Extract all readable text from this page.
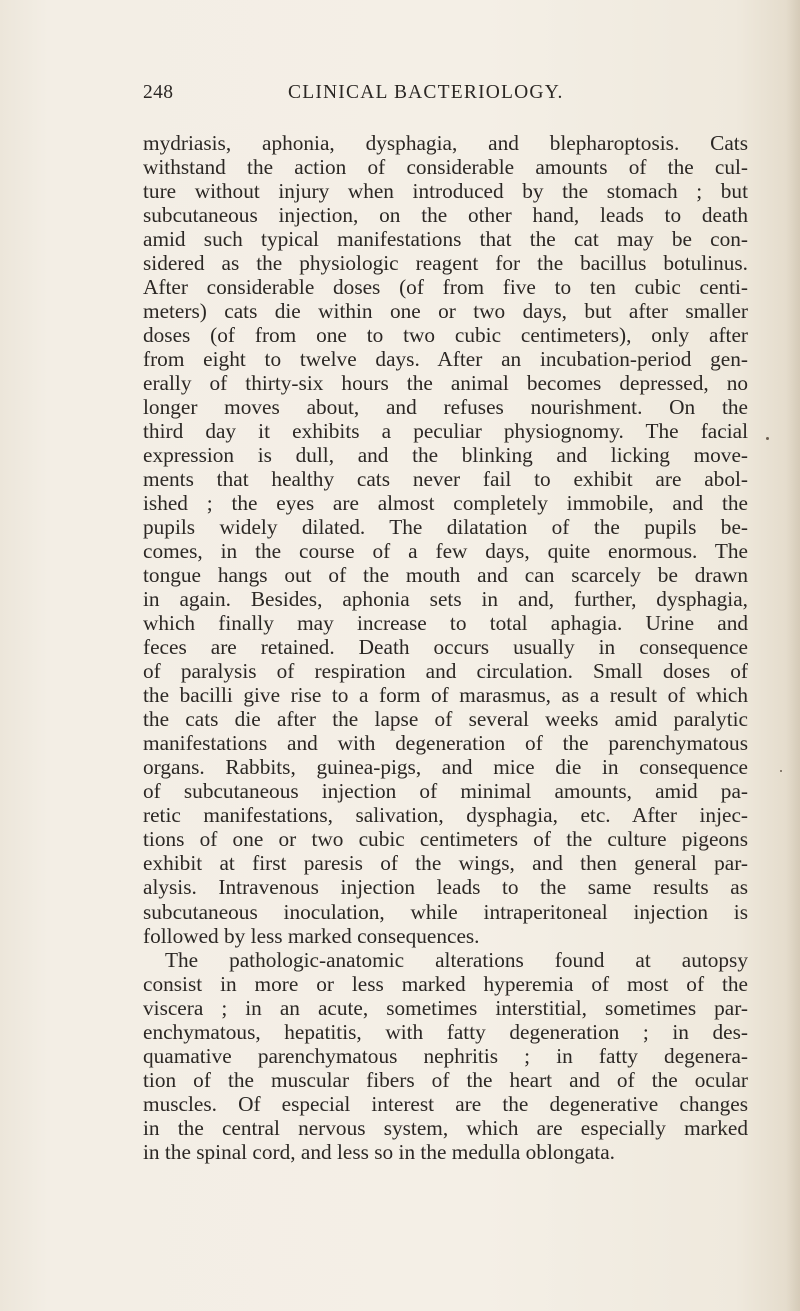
248	CLINICAL BACTERIOLOGY.
mydriasis, aphonia, dysphagia, and blepharoptosis. Cats
withstand the action of considerable amounts of the cul-
ture without injury when introduced by the stomach ; but
subcutaneous injection, on the other hand, leads to death
amid such typical manifestations that the cat may be con-
sidered as the physiologic reagent for the bacillus botulinus.
After considerable doses (of from five to ten cubic centi-
meters) cats die within one or two days, but after smaller
doses (of from one to two cubic centimeters), only after
from eight to twelve days. After an incubation-period gen-
erally of thirty-six hours the animal becomes depressed, no
longer moves about, and refuses nourishment. On the
third day it exhibits a peculiar physiognomy. The facial
expression is dull, and the blinking and licking move-
ments that healthy cats never fail to exhibit are abol-
ished ; the eyes are almost completely immobile, and the
pupils widely dilated. The dilatation of the pupils be-
comes, in the course of a few days, quite enormous. The
tongue hangs out of the mouth and can scarcely be drawn
in again. Besides, aphonia sets in and, further, dysphagia,
which finally may increase to total aphagia. Urine and
feces are retained. Death occurs usually in consequence
of paralysis of respiration and circulation. Small doses of
the bacilli give rise to a form of marasmus, as a result of which
the cats die after the lapse of several weeks amid paralytic
manifestations and with degeneration of the parenchymatous
organs. Rabbits, guinea-pigs, and mice die in consequence
of subcutaneous injection of minimal amounts, amid pa-
retic manifestations, salivation, dysphagia, etc. After injec-
tions of one or two cubic centimeters of the culture pigeons
exhibit at first paresis of the wings, and then general par-
alysis. Intravenous injection leads to the same results as
subcutaneous inoculation, while intraperitoneal injection is
followed by less marked consequences.
The pathologic-anatomic alterations found at autopsy
consist in more or less marked hyperemia of most of the
viscera ; in an acute, sometimes interstitial, sometimes par-
enchymatous, hepatitis, with fatty degeneration ; in des-
quamative parenchymatous nephritis ; in fatty degenera-
tion of the muscular fibers of the heart and of the ocular
muscles. Of especial interest are the degenerative changes
in the central nervous system, which are especially marked
in the spinal cord, and less so in the medulla oblongata.
